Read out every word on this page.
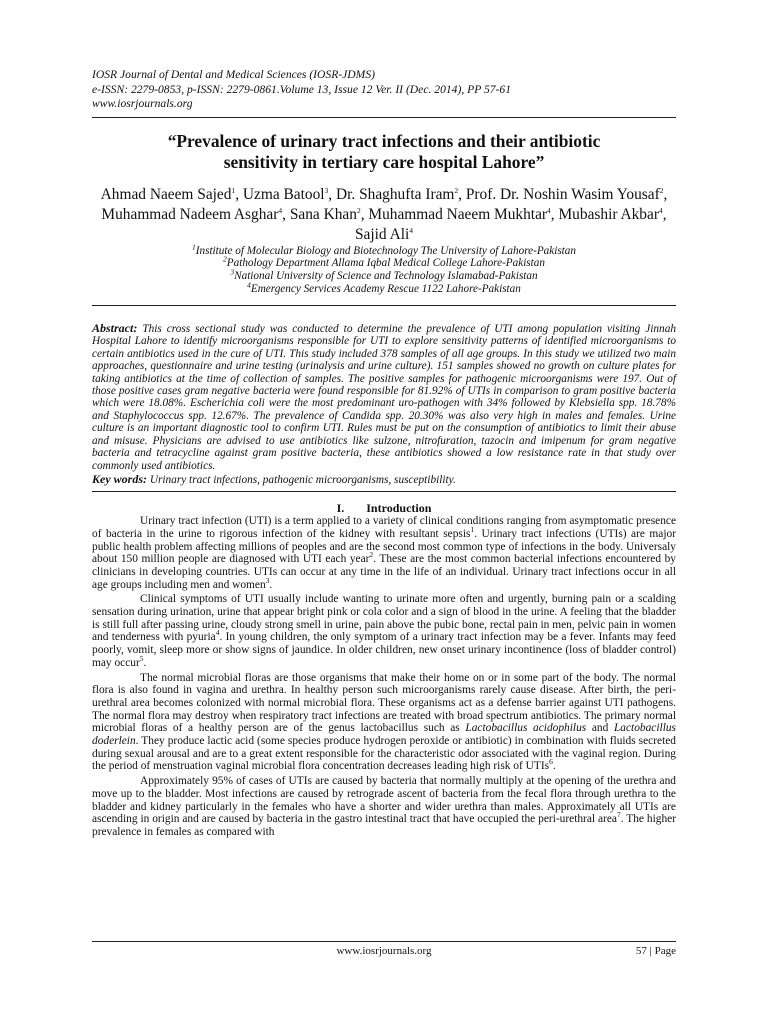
IOSR Journal of Dental and Medical Sciences (IOSR-JDMS)
e-ISSN: 2279-0853, p-ISSN: 2279-0861.Volume 13, Issue 12 Ver. II (Dec. 2014), PP 57-61
www.iosrjournals.org
“Prevalence of urinary tract infections and their antibiotic
sensitivity in tertiary care hospital Lahore”
Ahmad Naeem Sajed$^1$, Uzma Batool$^3$, Dr. Shaghufta Iram$^2$, Prof. Dr. Noshin Wasim Yousaf$^2$, Muhammad Nadeem Asghar$^4$, Sana Khan$^2$, Muhammad Naeem Mukhtar$^4$, Mubashir Akbar$^4$, Sajid Ali$^4$
$^1$Institute of Molecular Biology and Biotechnology The University of Lahore-Pakistan
$^2$Pathology Department Allama Iqbal Medical College Lahore-Pakistan
$^3$National University of Science and Technology Islamabad-Pakistan
$^4$Emergency Services Academy Rescue 1122 Lahore-Pakistan
Abstract: This cross sectional study was conducted to determine the prevalence of UTI among population visiting Jinnah Hospital Lahore to identify microorganisms responsible for UTI to explore sensitivity patterns of identified microorganisms to certain antibiotics used in the cure of UTI. This study included 378 samples of all age groups. In this study we utilized two main approaches, questionnaire and urine testing (urinalysis and urine culture). 151 samples showed no growth on culture plates for taking antibiotics at the time of collection of samples. The positive samples for pathogenic microorganisms were 197. Out of those positive cases gram negative bacteria were found responsible for 81.92% of UTIs in comparison to gram positive bacteria which were 18.08%. Escherichia coli were the most predominant uro-pathogen with 34% followed by Klebsiella spp. 18.78% and Staphylococcus spp. 12.67%. The prevalence of Candida spp. 20.30% was also very high in males and females. Urine culture is an important diagnostic tool to confirm UTI. Rules must be put on the consumption of antibiotics to limit their abuse and misuse. Physicians are advised to use antibiotics like sulzone, nitrofuration, tazocin and imipenum for gram negative bacteria and tetracycline against gram positive bacteria, these antibiotics showed a low resistance rate in that study over commonly used antibiotics.
Key words: Urinary tract infections, pathogenic microorganisms, susceptibility.
I. Introduction

Urinary tract infection (UTI) is a term applied to a variety of clinical conditions ranging from asymptomatic presence of bacteria in the urine to rigorous infection of the kidney with resultant sepsis$^1$. Urinary tract infections (UTIs) are major public health problem affecting millions of peoples and are the second most common type of infections in the body. Universaly about 150 million people are diagnosed with UTI each year$^2$. These are the most common bacterial infections encountered by clinicians in developing countries. UTIs can occur at any time in the life of an individual. Urinary tract infections occur in all age groups including men and women$^3$.

Clinical symptoms of UTI usually include wanting to urinate more often and urgently, burning pain or a scalding sensation during urination, urine that appear bright pink or cola color and a sign of blood in the urine. A feeling that the bladder is still full after passing urine, cloudy strong smell in urine, pain above the pubic bone, rectal pain in men, pelvic pain in women and tenderness with pyuria$^4$. In young children, the only symptom of a urinary tract infection may be a fever. Infants may feed poorly, vomit, sleep more or show signs of jaundice. In older children, new onset urinary incontinence (loss of bladder control) may occur$^5$.

The normal microbial floras are those organisms that make their home on or in some part of the body. The normal flora is also found in vagina and urethra. In healthy person such microorganisms rarely cause disease. After birth, the peri-urethral area becomes colonized with normal microbial flora. These organisms act as a defense barrier against UTI pathogens. The normal flora may destroy when respiratory tract infections are treated with broad spectrum antibiotics. The primary normal microbial floras of a healthy person are of the genus lactobacillus such as Lactobacillus acidophilus and Lactobacillus doderlein. They produce lactic acid (some species produce hydrogen peroxide or antibiotic) in combination with fluids secreted during sexual arousal and are to a great extent responsible for the characteristic odor associated with the vaginal region. During the period of menstruation vaginal microbial flora concentration decreases leading high risk of UTIs$^6$.

Approximately 95% of cases of UTIs are caused by bacteria that normally multiply at the opening of the urethra and move up to the bladder. Most infections are caused by retrograde ascent of bacteria from the fecal flora through urethra to the bladder and kidney particularly in the females who have a shorter and wider urethra than males. Approximately all UTIs are ascending in origin and are caused by bacteria in the gastro intestinal tract that have occupied the peri-urethral area$^7$. The higher prevalence in females as compared with

www.iosrjournals.org	57 | Page
